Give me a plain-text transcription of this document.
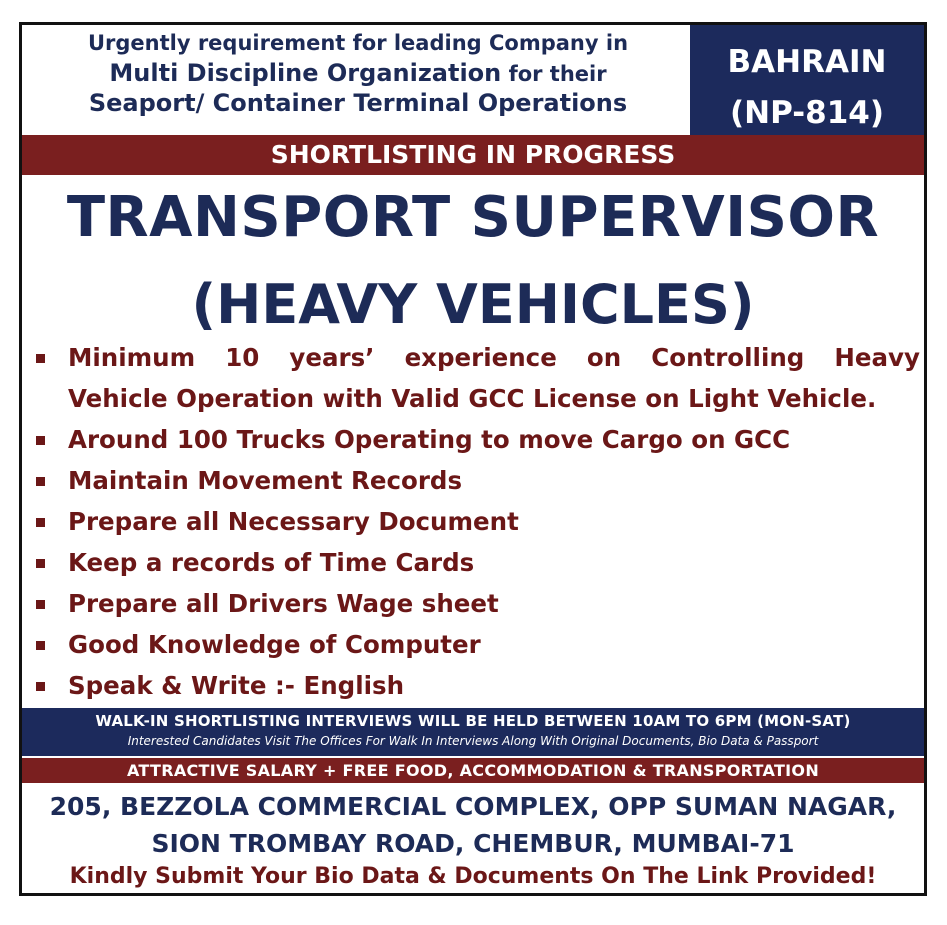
Urgently requirement for leading Company in
Multi Discipline Organization for their
Seaport/ Container Terminal Operations
BAHRAIN
(NP-814)
SHORTLISTING IN PROGRESS
TRANSPORT SUPERVISOR
(HEAVY VEHICLES)
Minimum 10 years’ experience on Controlling Heavy
Vehicle Operation with Valid GCC License on Light Vehicle.
Around 100 Trucks Operating to move Cargo on GCC
Maintain Movement Records
Prepare all Necessary Document
Keep a records of Time Cards
Prepare all Drivers Wage sheet
Good Knowledge of Computer
Speak & Write :- English
WALK-IN SHORTLISTING INTERVIEWS WILL BE HELD BETWEEN 10AM TO 6PM (MON-SAT)
Interested Candidates Visit The Offices For Walk In Interviews Along With Original Documents, Bio Data & Passport
ATTRACTIVE SALARY + FREE FOOD, ACCOMMODATION & TRANSPORTATION
205, BEZZOLA COMMERCIAL COMPLEX, OPP SUMAN NAGAR,
SION TROMBAY ROAD, CHEMBUR, MUMBAI-71
Kindly Submit Your Bio Data & Documents On The Link Provided!
